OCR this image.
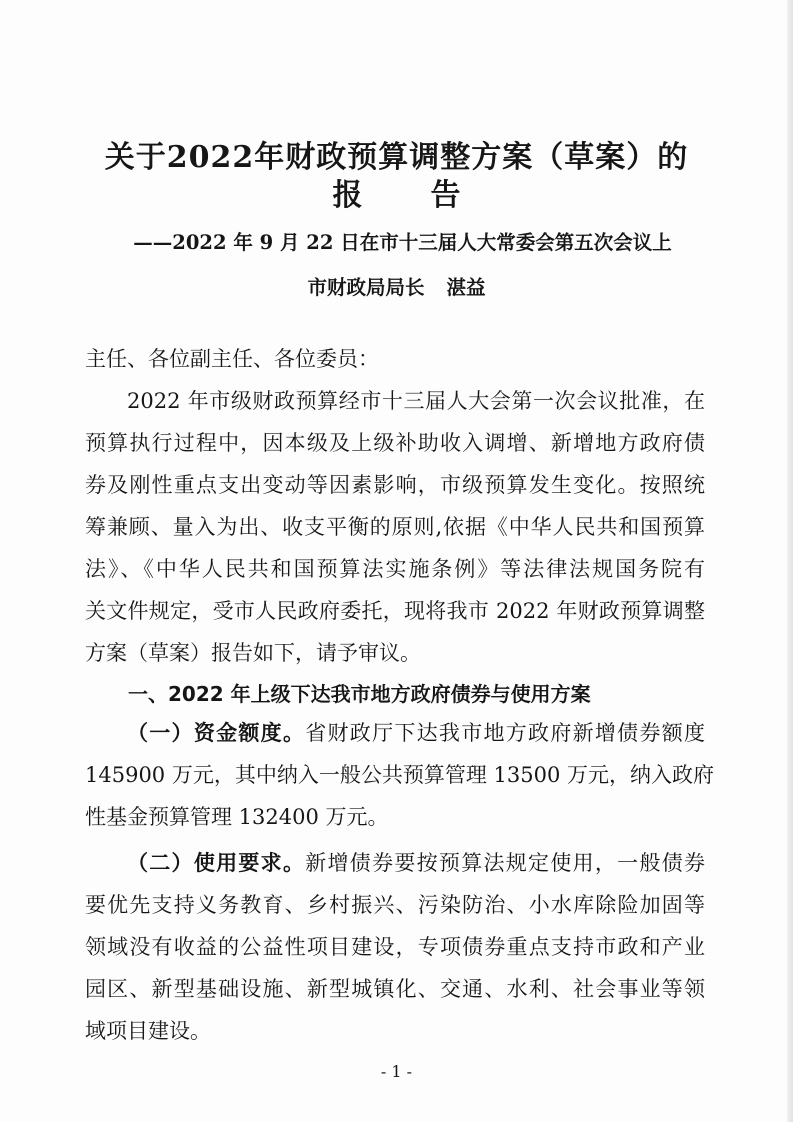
关于2022年财政预算调整方案（草案）的
报告
——2022 年 9 月 22 日在市十三届人大常委会第五次会议上
市财政局局长 湛益
主任、各位副主任、各位委员：
2022 年市级财政预算经市十三届人大会第一次会议批准，在
预算执行过程中，因本级及上级补助收入调增、新增地方政府债
券及刚性重点支出变动等因素影响，市级预算发生变化。按照统
筹兼顾、量入为出、收支平衡的原则,依据《中华人民共和国预算
法》、《中华人民共和国预算法实施条例》等法律法规国务院有
关文件规定，受市人民政府委托，现将我市 2022 年财政预算调整
方案（草案）报告如下，请予审议。
一、2022 年上级下达我市地方政府债券与使用方案
（一）资金额度。省财政厅下达我市地方政府新增债券额度
145900 万元，其中纳入一般公共预算管理 13500 万元，纳入政府
性基金预算管理 132400 万元。
（二）使用要求。新增债券要按预算法规定使用，一般债券
要优先支持义务教育、乡村振兴、污染防治、小水库除险加固等
领域没有收益的公益性项目建设，专项债券重点支持市政和产业
园区、新型基础设施、新型城镇化、交通、水利、社会事业等领
域项目建设。
- 1 -
